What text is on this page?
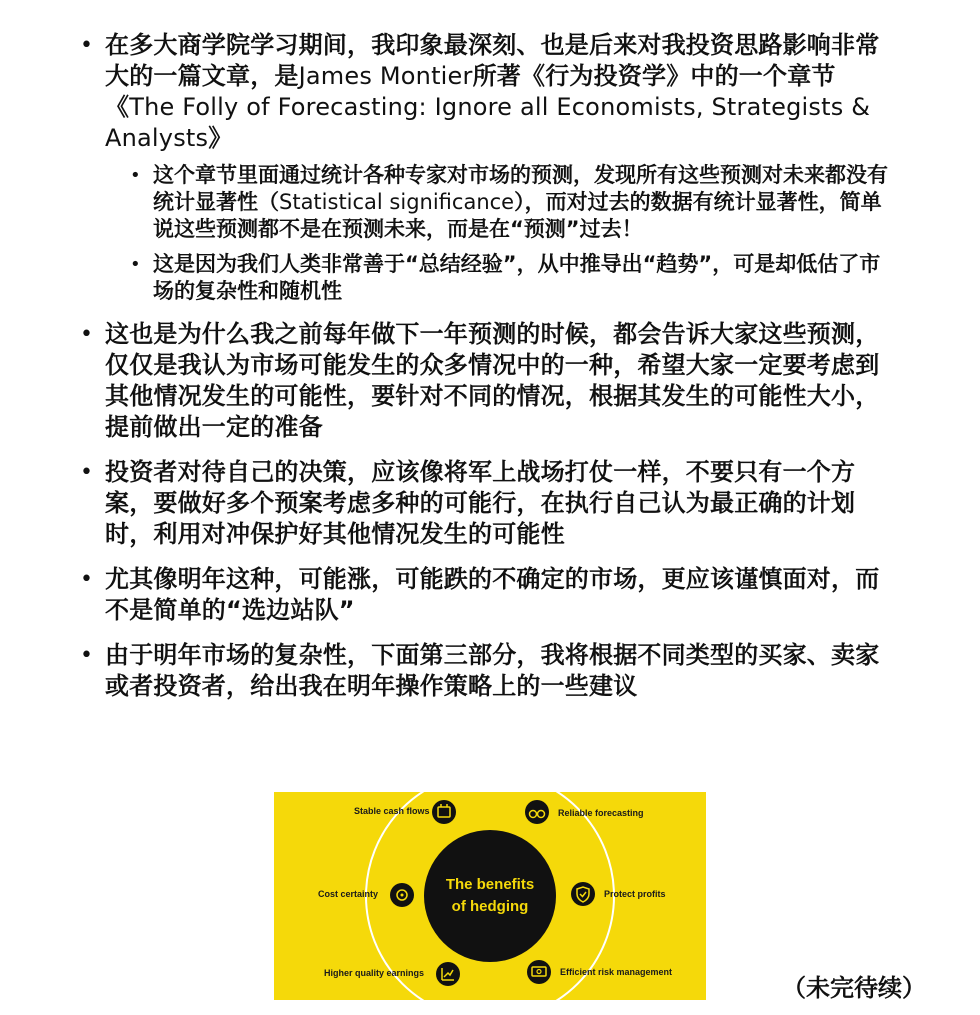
• 在多大商学院学习期间，我印象最深刻、也是后来对我投资思路影响非常大的一篇文章，是James Montier所著《行为投资学》中的一个章节《The Folly of Forecasting: Ignore all Economists, Strategists & Analysts》
• 这个章节里面通过统计各种专家对市场的预测，发现所有这些预测对未来都没有统计显著性（Statistical significance），而对过去的数据有统计显著性，简单说这些预测都不是在预测未来，而是在“预测”过去！
• 这是因为我们人类非常善于“总结经验”，从中推导出“趋势”，可是却低估了市场的复杂性和随机性
• 这也是为什么我之前每年做下一年预测的时候，都会告诉大家这些预测，仅仅是我认为市场可能发生的众多情况中的一种，希望大家一定要考虑到其他情况发生的可能性，要针对不同的情况，根据其发生的可能性大小，提前做出一定的准备
• 投资者对待自己的决策，应该像将军上战场打仗一样，不要只有一个方案，要做好多个预案考虑多种的可能行，在执行自己认为最正确的计划时，利用对冲保护好其他情况发生的可能性
• 尤其像明年这种，可能涨，可能跌的不确定的市场，更应该谨慎面对，而不是简单的“选边站队”
• 由于明年市场的复杂性，下面第三部分，我将根据不同类型的买家、卖家或者投资者，给出我在明年操作策略上的一些建议
The benefits
of hedging
Stable cash flows	Reliable forecasting
Cost certainty	Protect profits
Higher quality earnings	Efficient risk management
（未完待续）
